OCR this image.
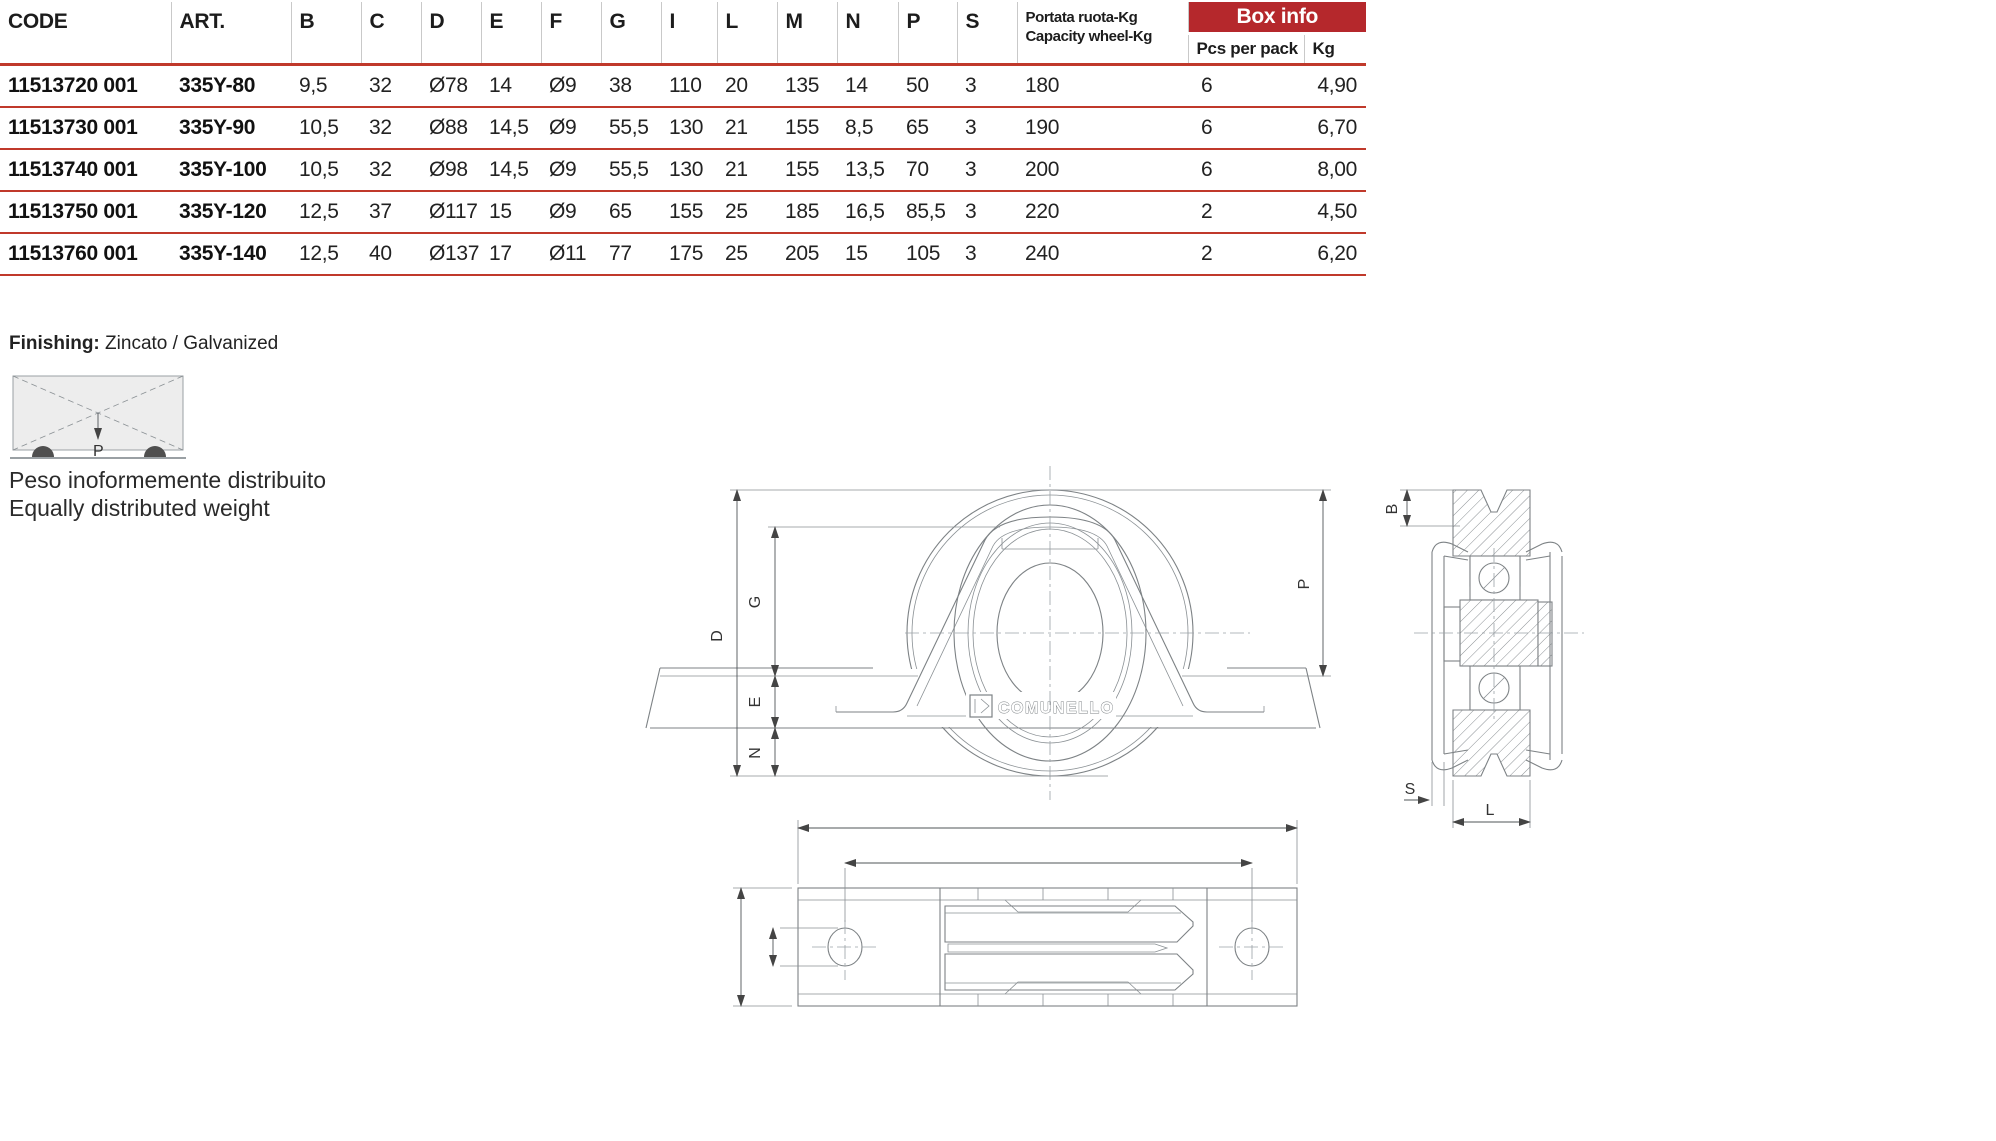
CODE	ART.	B	C	D	E	F	G	I	L	M	N	P	S	Portata ruota-Kg
Capacity wheel-Kg	Box info	
															Pcs per pack	Kg
11513720 001	335Y-80	9,5	32	Ø78	14	Ø9	38	110	20	135	14	50	3	180	6	4,90
11513730 001	335Y-90	10,5	32	Ø88	14,5	Ø9	55,5	130	21	155	8,5	65	3	190	6	6,70
11513740 001	335Y-100	10,5	32	Ø98	14,5	Ø9	55,5	130	21	155	13,5	70	3	200	6	8,00
11513750 001	335Y-120	12,5	37	Ø117	15	Ø9	65	155	25	185	16,5	85,5	3	220	2	4,50
11513760 001	335Y-140	12,5	40	Ø137	17	Ø11	77	175	25	205	15	105	3	240	2	6,20

Finishing: Zincato / Galvanized

Peso inoformemente distribuito
Equally distributed weight
P
COMUNELLO
D
G
E
N
P
B
S
L
